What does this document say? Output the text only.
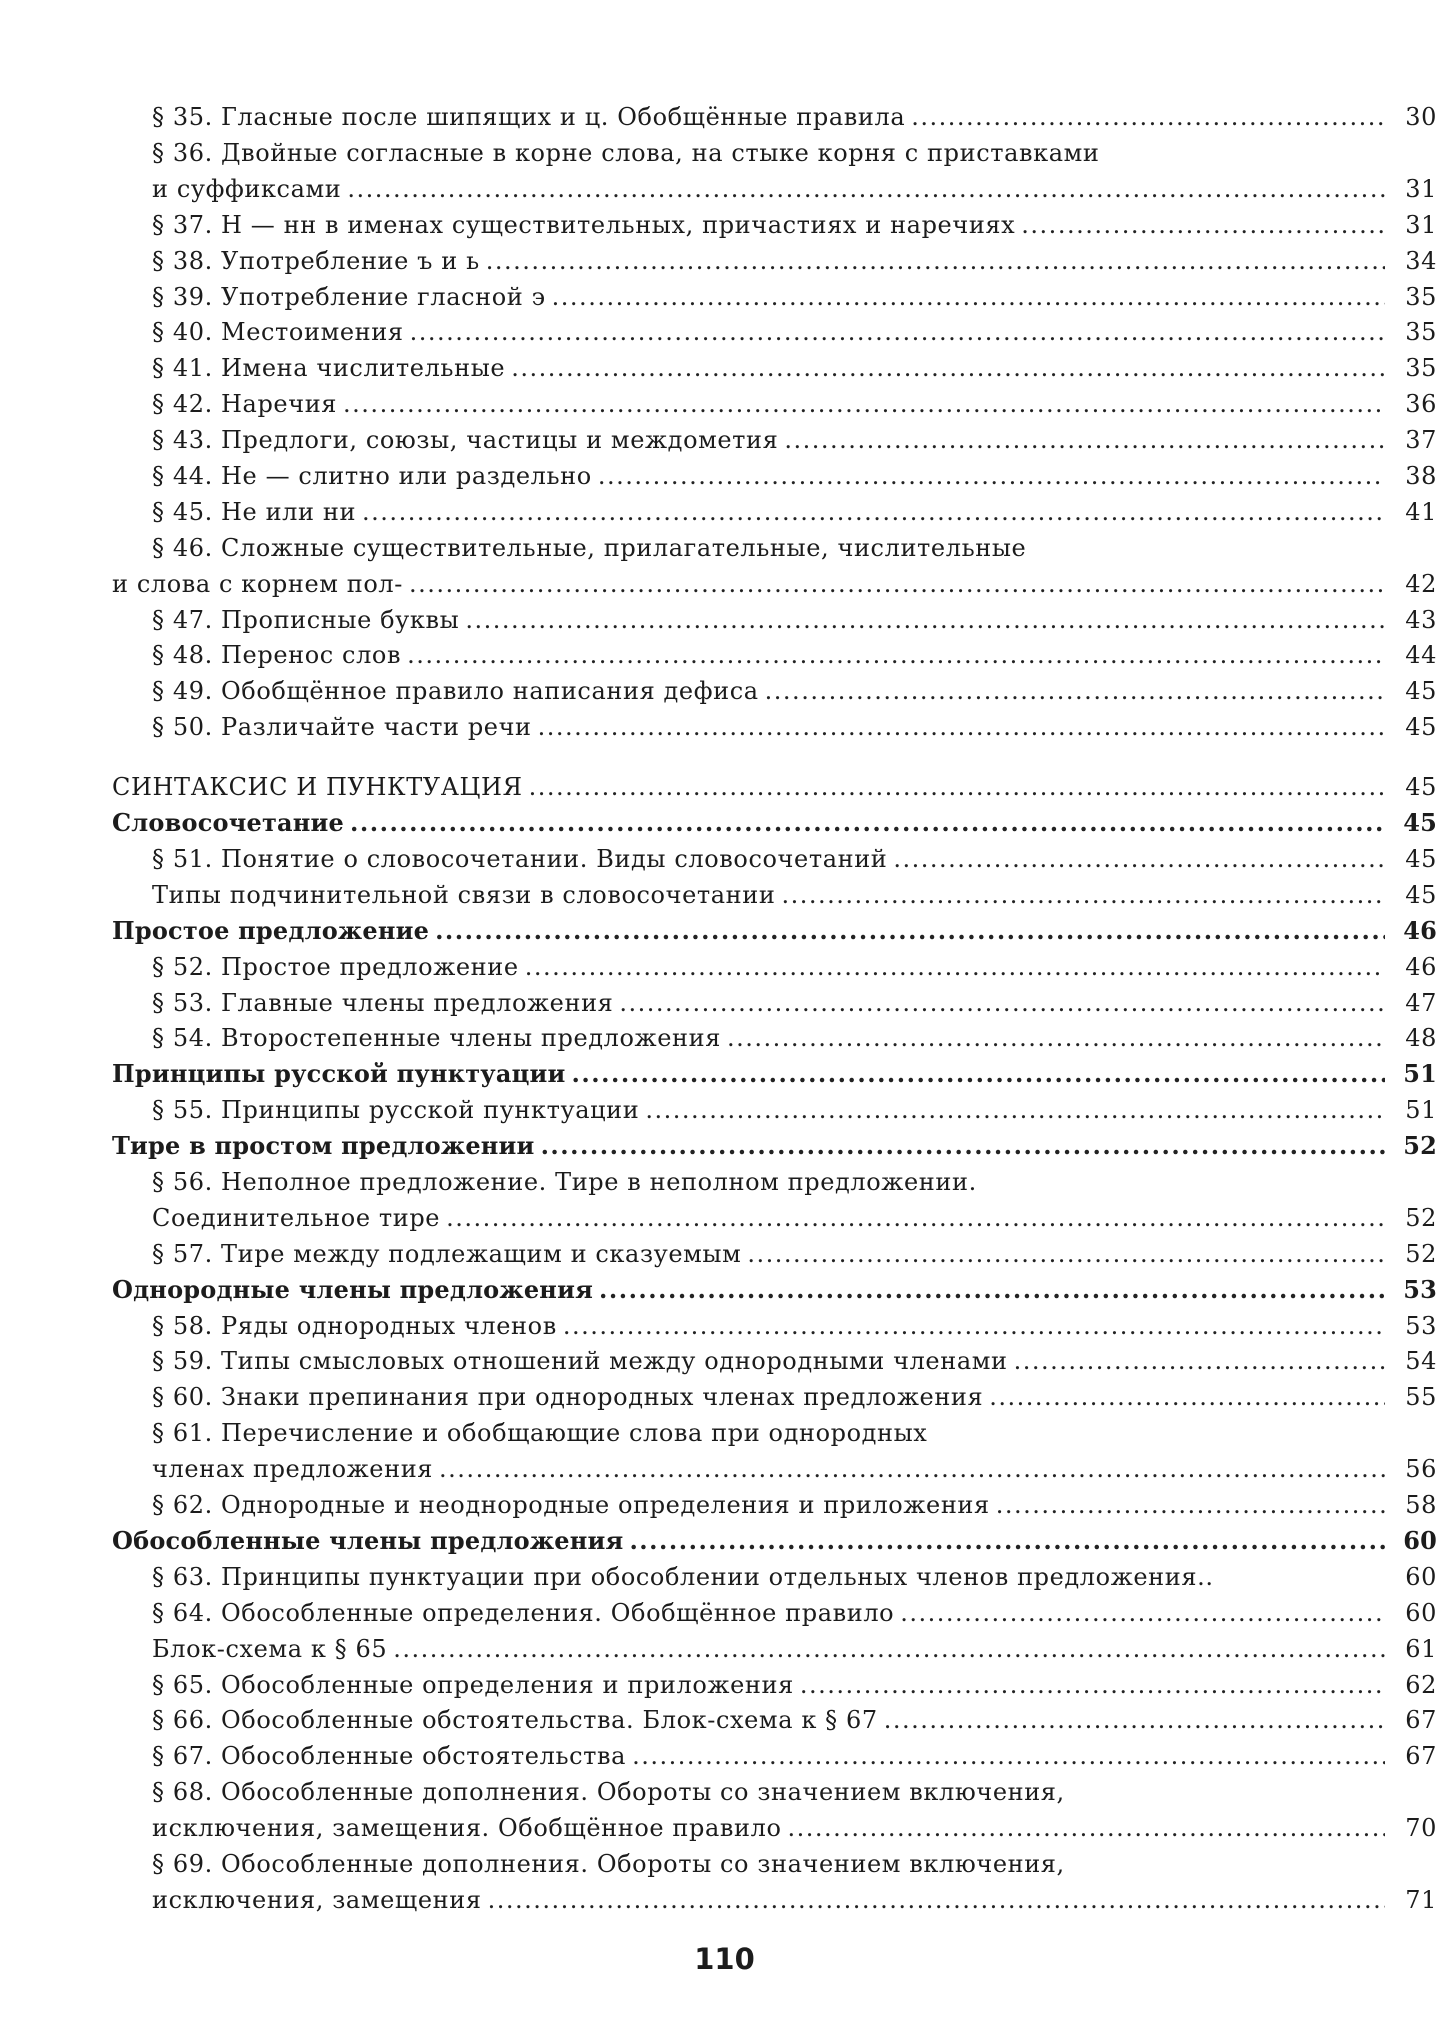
§ 35. Гласные после шипящих и ц. Обобщённые правила .....	30
§ 36. Двойные согласные в корне слова, на стыке корня с приставками
и суффиксами .....	31
§ 37. Н — нн в именах существительных, причастиях и наречиях .....	31
§ 38. Употребление ъ и ь .....	34
§ 39. Употребление гласной э .....	35
§ 40. Местоимения .....	35
§ 41. Имена числительные .....	35
§ 42. Наречия .....	36
§ 43. Предлоги, союзы, частицы и междометия .....	37
§ 44. Не — слитно или раздельно .....	38
§ 45. Не или ни .....	41
§ 46. Сложные существительные, прилагательные, числительные
и слова с корнем пол- .....	42
§ 47. Прописные буквы .....	43
§ 48. Перенос слов .....	44
§ 49. Обобщённое правило написания дефиса .....	45
§ 50. Различайте части речи .....	45
СИНТАКСИС И ПУНКТУАЦИЯ .....	45
Словосочетание .....	45
§ 51. Понятие о словосочетании. Виды словосочетаний .....	45
Типы подчинительной связи в словосочетании .....	45
Простое предложение .....	46
§ 52. Простое предложение .....	46
§ 53. Главные члены предложения .....	47
§ 54. Второстепенные члены предложения .....	48
Принципы русской пунктуации .....	51
§ 55. Принципы русской пунктуации .....	51
Тире в простом предложении .....	52
§ 56. Неполное предложение. Тире в неполном предложении.
Соединительное тире .....	52
§ 57. Тире между подлежащим и сказуемым .....	52
Однородные члены предложения .....	53
§ 58. Ряды однородных членов .....	53
§ 59. Типы смысловых отношений между однородными членами .....	54
§ 60. Знаки препинания при однородных членах предложения .....	55
§ 61. Перечисление и обобщающие слова при однородных
членах предложения .....	56
§ 62. Однородные и неоднородные определения и приложения .....	58
Обособленные члены предложения .....	60
§ 63. Принципы пунктуации при обособлении отдельных членов предложения..	60
§ 64. Обособленные определения. Обобщённое правило .....	60
Блок-схема к § 65 .....	61
§ 65. Обособленные определения и приложения .....	62
§ 66. Обособленные обстоятельства. Блок-схема к § 67 .....	67
§ 67. Обособленные обстоятельства .....	67
§ 68. Обособленные дополнения. Обороты со значением включения,
исключения, замещения. Обобщённое правило .....	70
§ 69. Обособленные дополнения. Обороты со значением включения,
исключения, замещения .....	71
110
